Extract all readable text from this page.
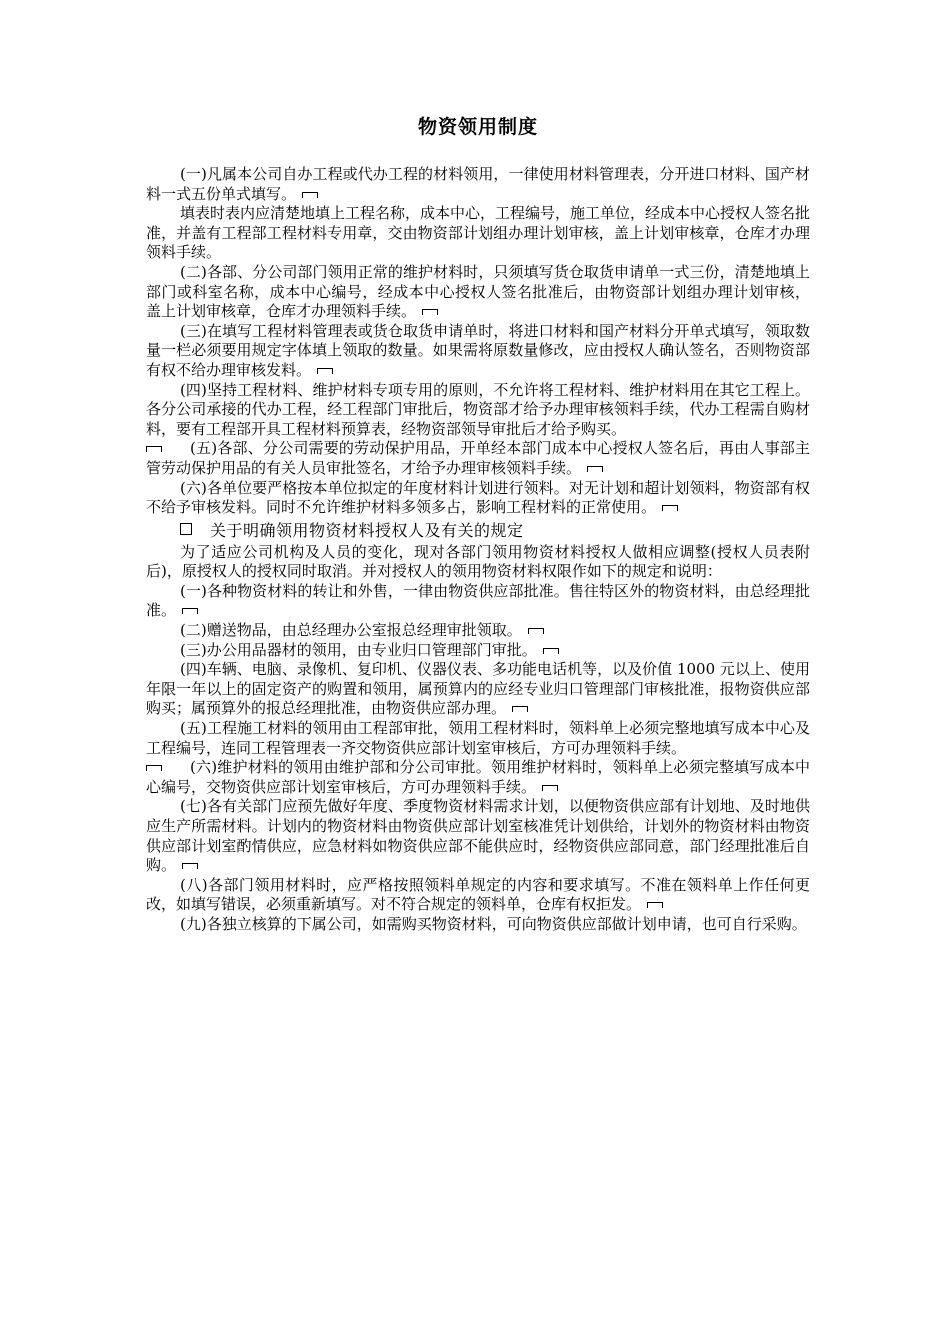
物资领用制度

(一)凡属本公司自办工程或代办工程的材料领用，一律使用材料管理表，分开进口材料、国产材料一式五份单式填写。

填表时表内应清楚地填上工程名称，成本中心，工程编号，施工单位，经成本中心授权人签名批准，并盖有工程部工程材料专用章，交由物资部计划组办理计划审核，盖上计划审核章，仓库才办理领料手续。

(二)各部、分公司部门领用正常的维护材料时，只须填写货仓取货申请单一式三份，清楚地填上部门或科室名称，成本中心编号，经成本中心授权人签名批准后，由物资部计划组办理计划审核， 盖上计划审核章，仓库才办理领料手续。

(三)在填写工程材料管理表或货仓取货申请单时，将进口材料和国产材料分开单式填写，领取数量一栏必须要用规定字体填上领取的数量。如果需将原数量修改，应由授权人确认签名，否则物资部有权不给办理审核发料。

(四)坚持工程材料、维护材料专项专用的原则，不允许将工程材料、维护材料用在其它工程上。各分公司承接的代办工程，经工程部门审批后，物资部才给予办理审核领料手续，代办工程需自购材料，要有工程部开具工程材料预算表，经物资部领导审批后才给予购买。

(五)各部、分公司需要的劳动保护用品，开单经本部门成本中心授权人签名后，再由人事部主管劳动保护用品的有关人员审批签名，才给予办理审核领料手续。

(六)各单位要严格按本单位拟定的年度材料计划进行领料。对无计划和超计划领料，物资部有权不给予审核发料。同时不允许维护材料多领多占，影响工程材料的正常使用。

关于明确领用物资材料授权人及有关的规定

为了适应公司机构及人员的变化，现对各部门领用物资材料授权人做相应调整(授权人员表附后)，原授权人的授权同时取消。并对授权人的领用物资材料权限作如下的规定和说明：

(一)各种物资材料的转让和外售，一律由物资供应部批准。售往特区外的物资材料，由总经理批准。

(二)赠送物品，由总经理办公室报总经理审批领取。

(三)办公用品器材的领用，由专业归口管理部门审批。

(四)车辆、电脑、录像机、复印机、仪器仪表、多功能电话机等，以及价值 1000 元以上、使用年限一年以上的固定资产的购置和领用，属预算内的应经专业归口管理部门审核批准，报物资供应部购买；属预算外的报总经理批准，由物资供应部办理。

(五)工程施工材料的领用由工程部审批，领用工程材料时，领料单上必须完整地填写成本中心及工程编号，连同工程管理表一齐交物资供应部计划室审核后，方可办理领料手续。

(六)维护材料的领用由维护部和分公司审批。领用维护材料时，领料单上必须完整填写成本中心编号，交物资供应部计划室审核后，方可办理领料手续。

(七)各有关部门应预先做好年度、季度物资材料需求计划，以便物资供应部有计划地、及时地供应生产所需材料。计划内的物资材料由物资供应部计划室核准凭计划供给，计划外的物资材料由物资供应部计划室酌情供应，应急材料如物资供应部不能供应时，经物资供应部同意，部门经理批准后自购。

(八)各部门领用材料时，应严格按照领料单规定的内容和要求填写。不准在领料单上作任何更改，如填写错误，必须重新填写。对不符合规定的领料单，仓库有权拒发。

(九)各独立核算的下属公司，如需购买物资材料，可向物资供应部做计划申请，也可自行采购。
